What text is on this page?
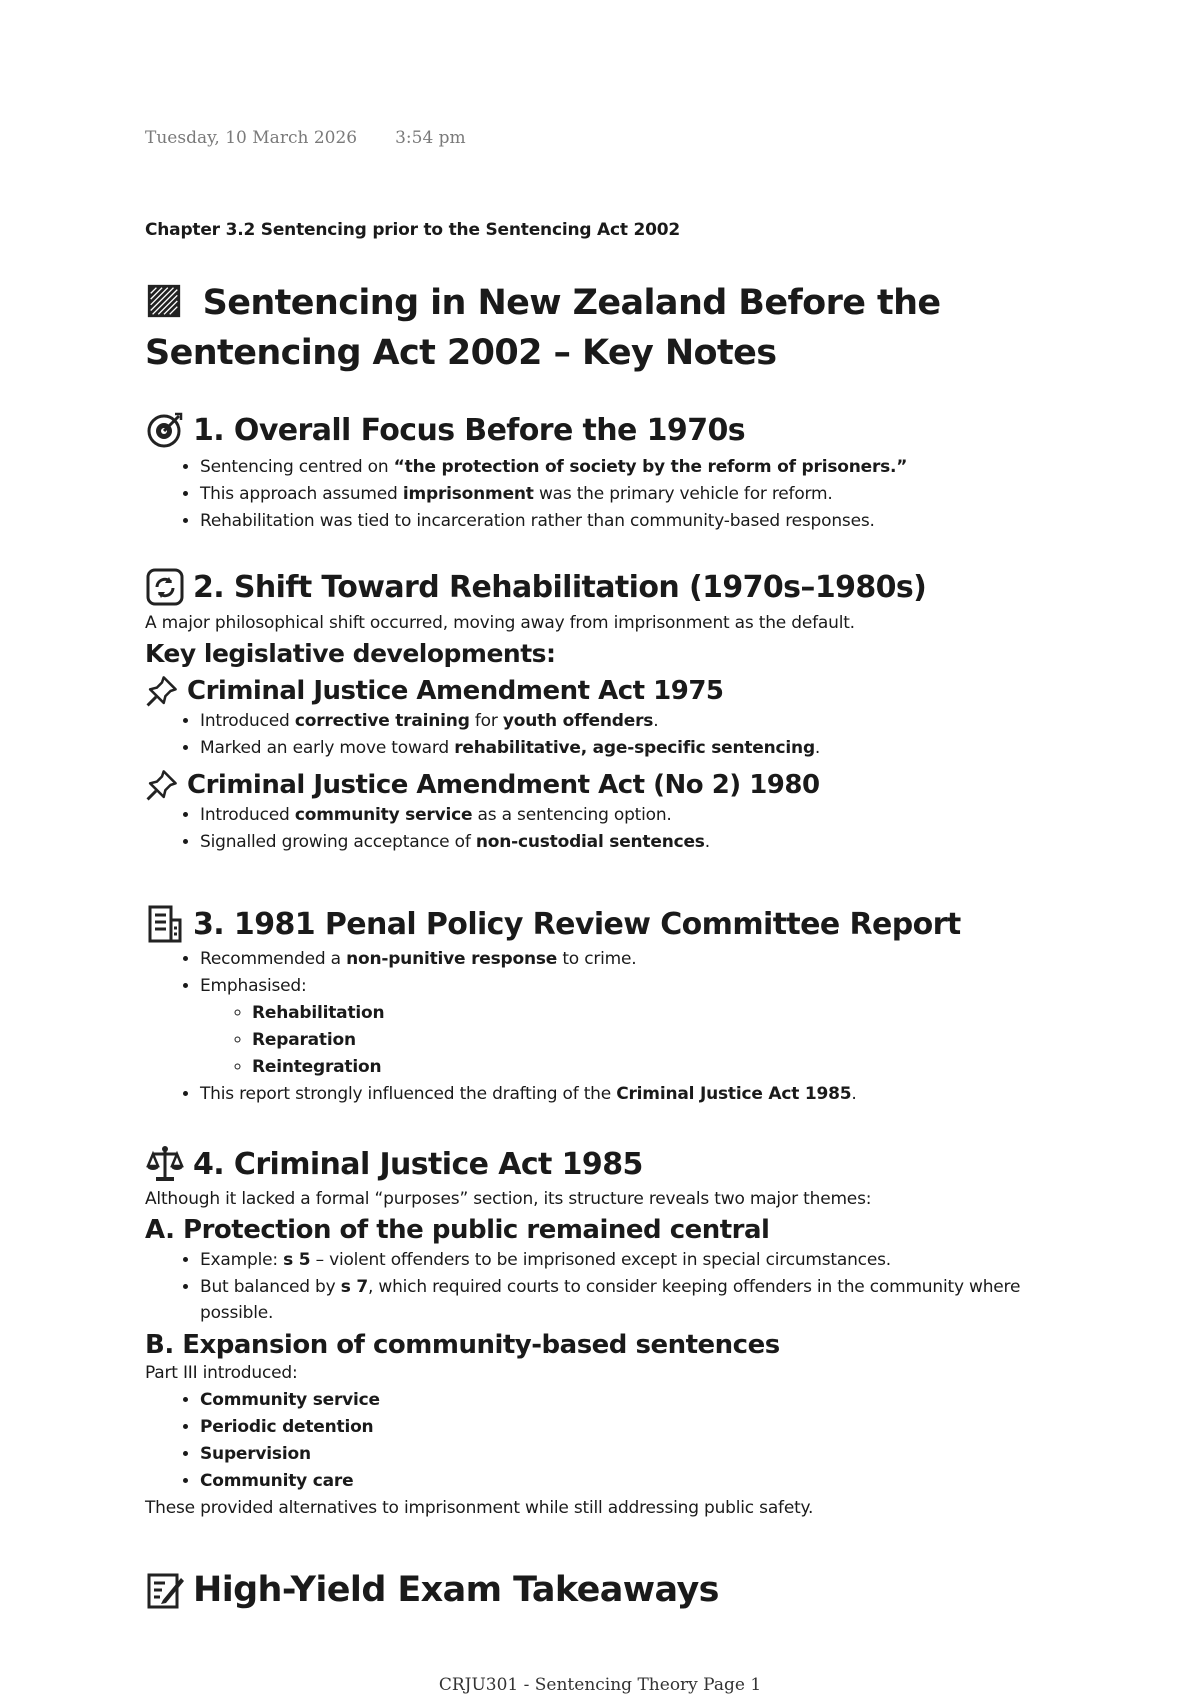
Tuesday, 10 March 2026 3:54 pm
Chapter 3.2 Sentencing prior to the Sentencing Act 2002
Sentencing in New Zealand Before the Sentencing Act 2002 – Key Notes
1. Overall Focus Before the 1970s
• Sentencing centred on “the protection of society by the reform of prisoners.”
• This approach assumed imprisonment was the primary vehicle for reform.
• Rehabilitation was tied to incarceration rather than community-based responses.
2. Shift Toward Rehabilitation (1970s–1980s)

A major philosophical shift occurred, moving away from imprisonment as the default.

Key legislative developments:
Criminal Justice Amendment Act 1975
• Introduced corrective training for youth offenders.
• Marked an early move toward rehabilitative, age-specific sentencing.
Criminal Justice Amendment Act (No 2) 1980
• Introduced community service as a sentencing option.
• Signalled growing acceptance of non-custodial sentences.
3. 1981 Penal Policy Review Committee Report
• Recommended a non-punitive response to crime.
• Emphasised:
◦ Rehabilitation
◦ Reparation
◦ Reintegration
• This report strongly influenced the drafting of the Criminal Justice Act 1985.
4. Criminal Justice Act 1985

Although it lacked a formal “purposes” section, its structure reveals two major themes:

A. Protection of the public remained central
• Example: s 5 – violent offenders to be imprisoned except in special circumstances.
• But balanced by s 7, which required courts to consider keeping offenders in the community where possible.
B. Expansion of community-based sentences

Part III introduced:

• Community service
• Periodic detention
• Supervision
• Community care

These provided alternatives to imprisonment while still addressing public safety.

High-Yield Exam Takeaways
CRJU301 - Sentencing Theory Page 1
